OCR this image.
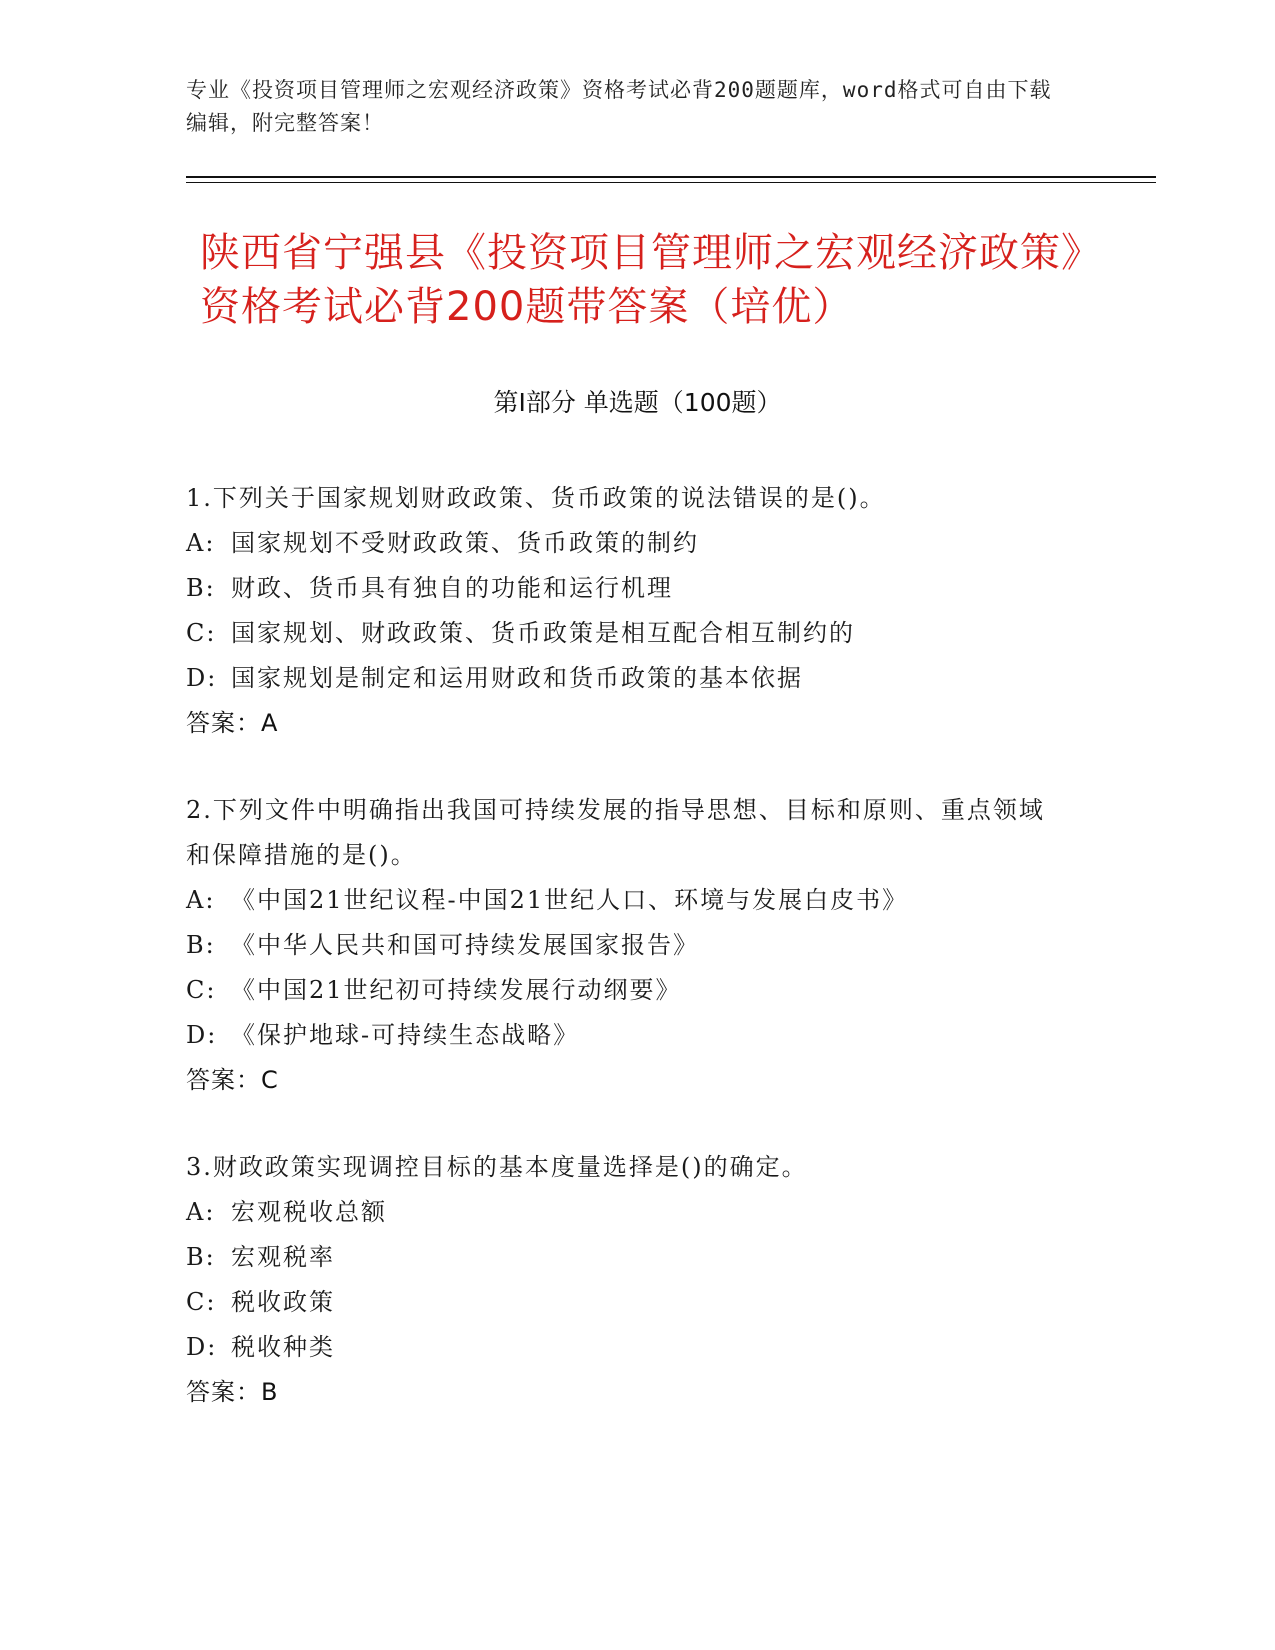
专业《投资项目管理师之宏观经济政策》资格考试必背200题题库，word格式可自由下载编辑，附完整答案！
陕西省宁强县《投资项目管理师之宏观经济政策》资格考试必背200题带答案（培优）
第I部分 单选题（100题）
1.下列关于国家规划财政政策、货币政策的说法错误的是()。
A: 国家规划不受财政政策、货币政策的制约
B: 财政、货币具有独自的功能和运行机理
C: 国家规划、财政政策、货币政策是相互配合相互制约的
D: 国家规划是制定和运用财政和货币政策的基本依据
答案：A
2.下列文件中明确指出我国可持续发展的指导思想、目标和原则、重点领域和保障措施的是()。
A: 《中国21世纪议程-中国21世纪人口、环境与发展白皮书》
B: 《中华人民共和国可持续发展国家报告》
C: 《中国21世纪初可持续发展行动纲要》
D: 《保护地球-可持续生态战略》
答案：C
3.财政政策实现调控目标的基本度量选择是()的确定。
A: 宏观税收总额
B: 宏观税率
C: 税收政策
D: 税收种类
答案：B
